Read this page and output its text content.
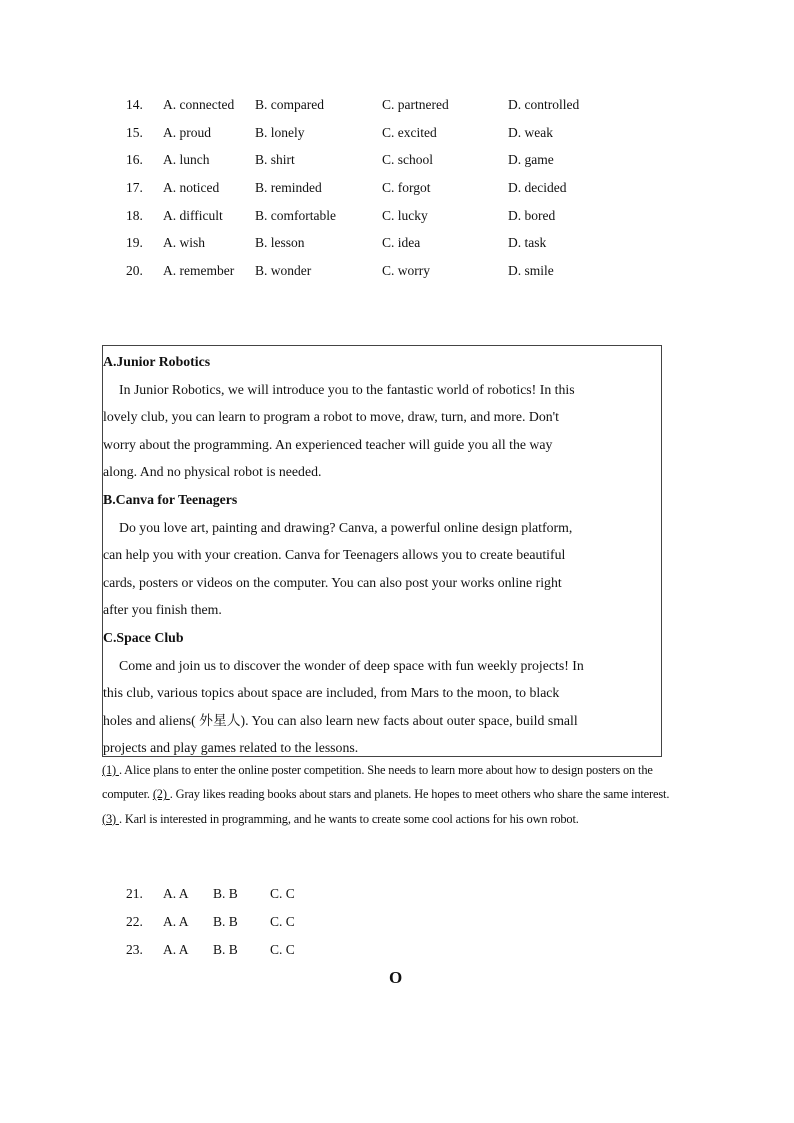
14. A. connected B. compared	C. partnered	D. controlled
15. A. proud	B. lonely	C. excited	D. weak
16. A. lunch	B. shirt	C. school	D. game
17. A. noticed	B. reminded	C. forgot	D. decided
18. A. difficult B. comfortable	C. lucky	D. bored
19. A. wish	B. lesson	C. idea	D. task
20. A. remember B. wonder	C. worry	D. smile
A.Junior Robotics
In Junior Robotics, we will introduce you to the fantastic world of robotics! In this
lovely club, you can learn to program a robot to move, draw, turn, and more. Don't
worry about the programming. An experienced teacher will guide you all the way
along. And no physical robot is needed.
B.Canva for Teenagers
Do you love art, painting and drawing? Canva, a powerful online design platform,
can help you with your creation. Canva for Teenagers allows you to create beautiful
cards, posters or videos on the computer. You can also post your works online right
after you finish them.
C.Space Club
Come and join us to discover the wonder of deep space with fun weekly projects! In
this club, various topics about space are included, from Mars to the moon, to black
holes and aliens( 外星人). You can also learn new facts about outer space, build small
projects and play games related to the lessons.
(1) . Alice plans to enter the online poster competition. She needs to learn more about how to design posters on the computer. (2) . Gray likes reading books about stars and planets. He hopes to meet others who share the same interest. (3) . Karl is interested in programming, and he wants to create some cool actions for his own robot.
21. A. A B. B C. C
22. A. A B. B C. C
23. A. A B. B C. C
O
